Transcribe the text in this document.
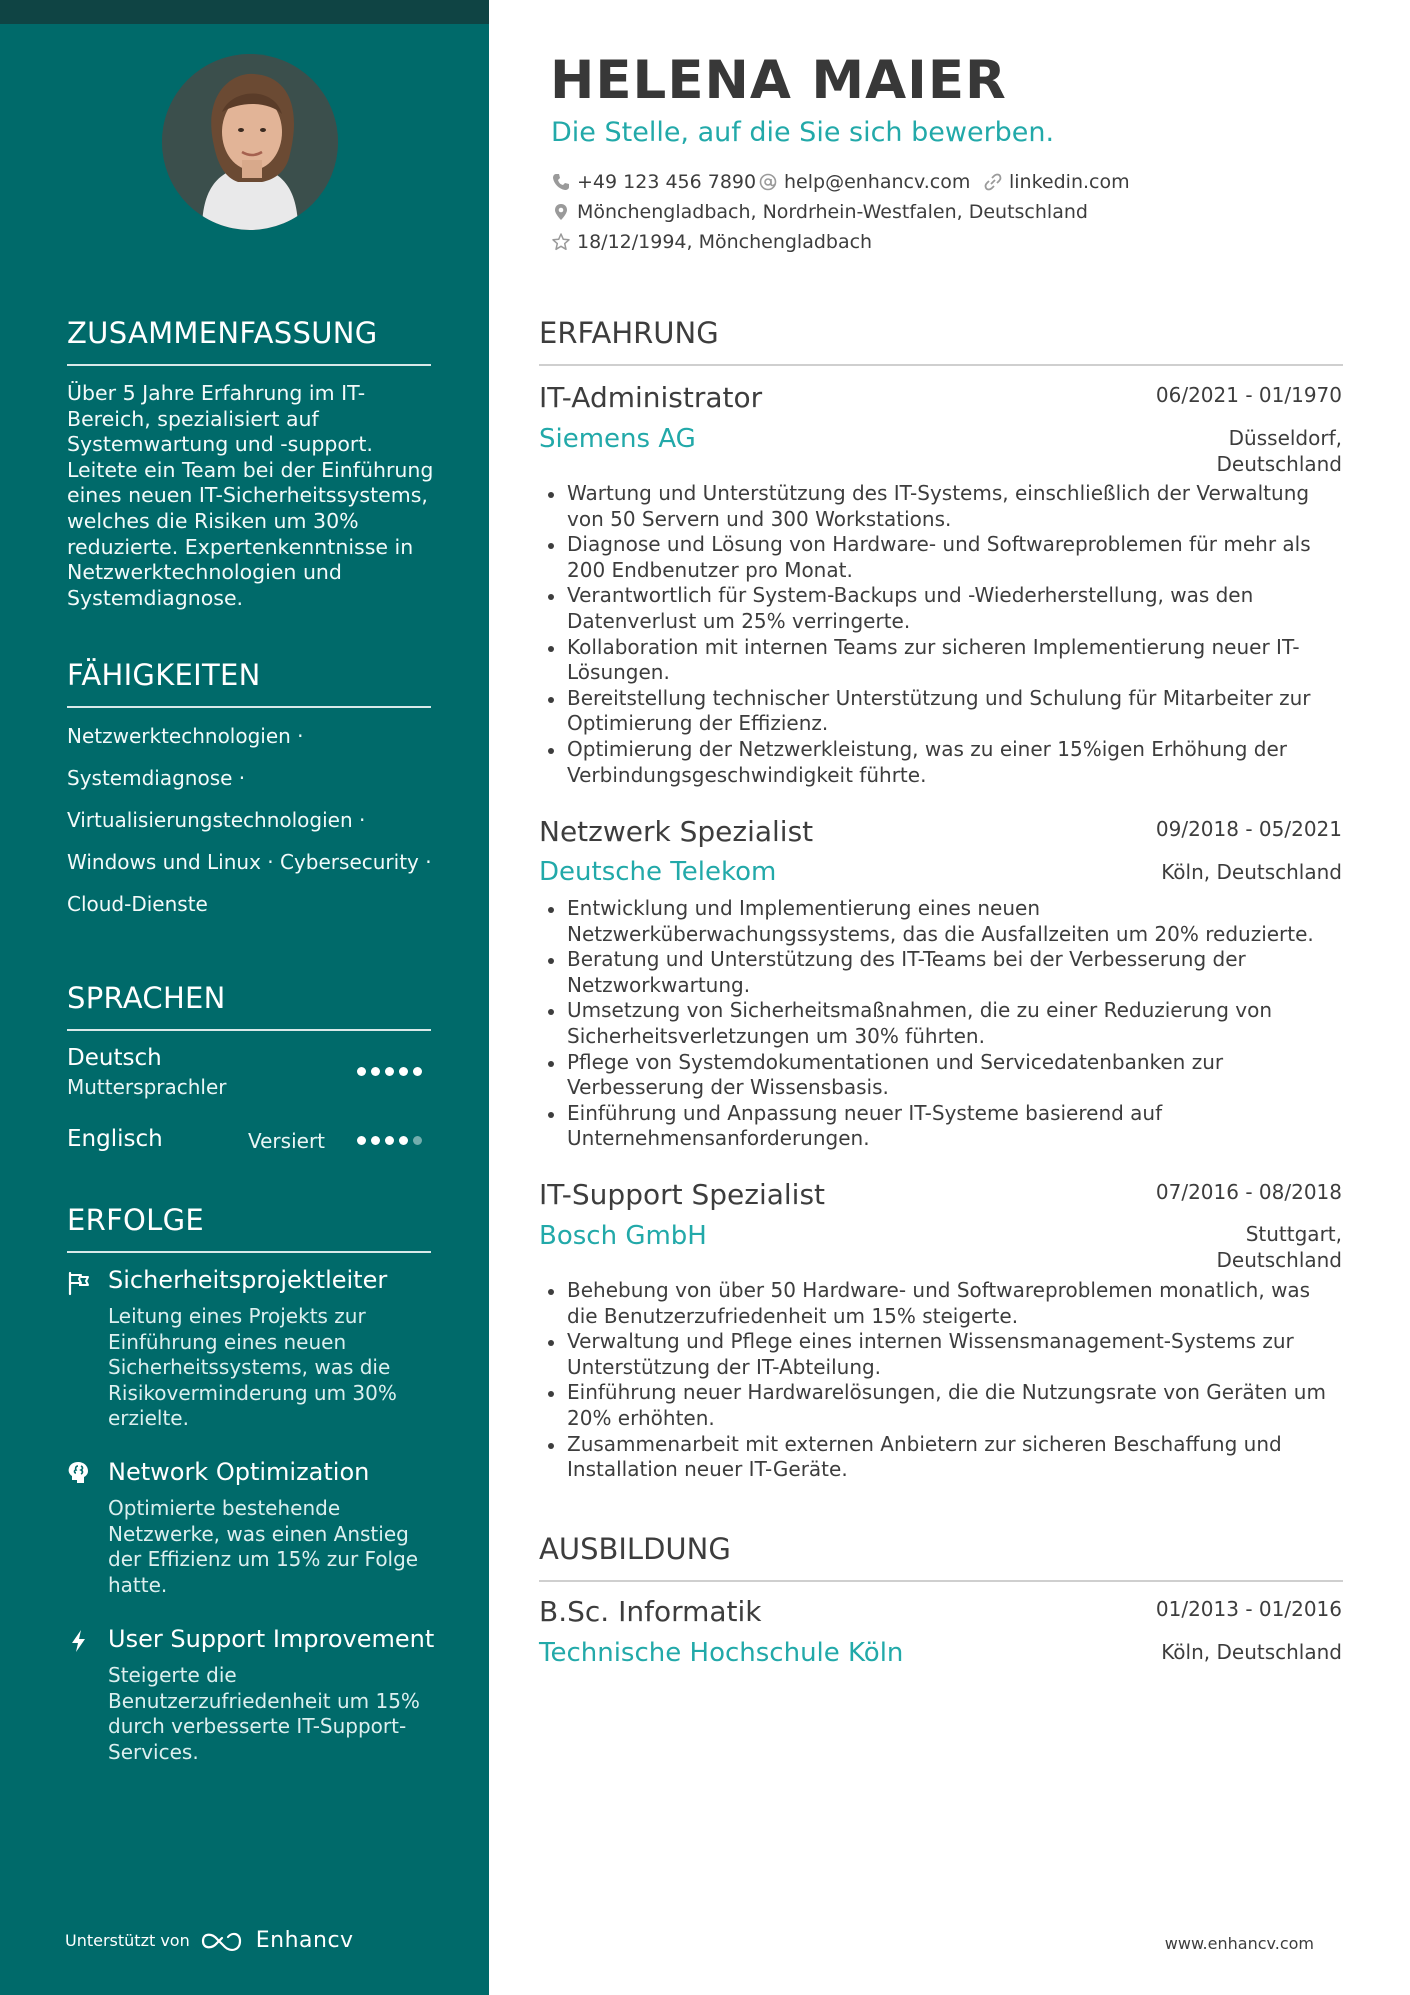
ZUSAMMENFASSUNG
Über 5 Jahre Erfahrung im IT-Bereich, spezialisiert auf Systemwartung und -support. Leitete ein Team bei der Einführung eines neuen IT-Sicherheitssystems, welches die Risiken um 30% reduzierte. Expertenkenntnisse in Netzwerktechnologien und Systemdiagnose.
FÄHIGKEITEN
Netzwerktechnologien ·
Systemdiagnose ·
Virtualisierungstechnologien ·
Windows und Linux · Cybersecurity ·
Cloud-Dienste
SPRACHEN
Deutsch
Muttersprachler
Englisch	Versiert
ERFOLGE
Sicherheitsprojektleiter
Leitung eines Projekts zur Einführung eines neuen Sicherheitssystems, was die Risikoverminderung um 30% erzielte.
Network Optimization
Optimierte bestehende Netzwerke, was einen Anstieg der Effizienz um 15% zur Folge hatte.
User Support Improvement
Steigerte die Benutzerzufriedenheit um 15% durch verbesserte IT-Support-Services.
Unterstützt von	Enhancv
HELENA MAIER
Die Stelle, auf die Sie sich bewerben.
+49 123 456 7890 help@enhancv.com linkedin.com
Mönchengladbach, Nordrhein-Westfalen, Deutschland
18/12/1994, Mönchengladbach
ERFAHRUNG
IT-Administrator	06/2021 - 01/1970
Siemens AG	Düsseldorf, Deutschland
Wartung und Unterstützung des IT-Systems, einschließlich der Verwaltung von 50 Servern und 300 Workstations.
Diagnose und Lösung von Hardware- und Softwareproblemen für mehr als 200 Endbenutzer pro Monat.
Verantwortlich für System-Backups und -Wiederherstellung, was den Datenverlust um 25% verringerte.
Kollaboration mit internen Teams zur sicheren Implementierung neuer IT-Lösungen.
Bereitstellung technischer Unterstützung und Schulung für Mitarbeiter zur Optimierung der Effizienz.
Optimierung der Netzwerkleistung, was zu einer 15%igen Erhöhung der Verbindungsgeschwindigkeit führte.
Netzwerk Spezialist	09/2018 - 05/2021
Deutsche Telekom	Köln, Deutschland
Entwicklung und Implementierung eines neuen Netzwerküberwachungssystems, das die Ausfallzeiten um 20% reduzierte.
Beratung und Unterstützung des IT-Teams bei der Verbesserung der Netzworkwartung.
Umsetzung von Sicherheitsmaßnahmen, die zu einer Reduzierung von Sicherheitsverletzungen um 30% führten.
Pflege von Systemdokumentationen und Servicedatenbanken zur Verbesserung der Wissensbasis.
Einführung und Anpassung neuer IT-Systeme basierend auf Unternehmensanforderungen.
IT-Support Spezialist	07/2016 - 08/2018
Bosch GmbH	Stuttgart, Deutschland
Behebung von über 50 Hardware- und Softwareproblemen monatlich, was die Benutzerzufriedenheit um 15% steigerte.
Verwaltung und Pflege eines internen Wissensmanagement-Systems zur Unterstützung der IT-Abteilung.
Einführung neuer Hardwarelösungen, die die Nutzungsrate von Geräten um 20% erhöhten.
Zusammenarbeit mit externen Anbietern zur sicheren Beschaffung und Installation neuer IT-Geräte.
AUSBILDUNG
B.Sc. Informatik	01/2013 - 01/2016
Technische Hochschule Köln	Köln, Deutschland
www.enhancv.com
